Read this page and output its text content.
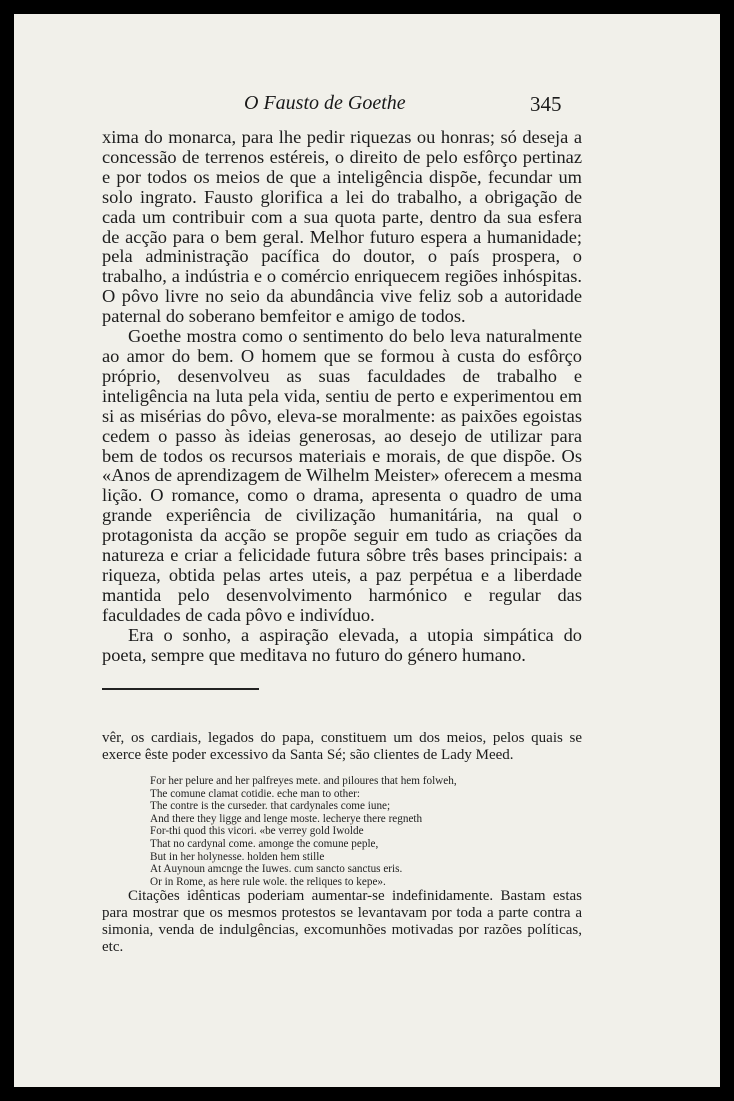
O Fausto de Goethe	345

xima do monarca, para lhe pedir riquezas ou honras; só deseja a concessão de terrenos estéreis, o direito de pelo esfôrço pertinaz e por todos os meios de que a inteligência dispõe, fecundar um solo ingrato. Fausto glorifica a lei do trabalho, a obrigação de cada um contribuir com a sua quota parte, dentro da sua esfera de acção para o bem geral. Melhor futuro espera a humanidade; pela administração pacífica do doutor, o país prospera, o trabalho, a indústria e o comércio enriquecem regiões inhóspitas. O pôvo livre no seio da abundância vive feliz sob a autoridade paternal do soberano bemfeitor e amigo de todos.

Goethe mostra como o sentimento do belo leva naturalmente ao amor do bem. O homem que se formou à custa do esfôrço próprio, desenvolveu as suas faculdades de trabalho e inteligência na luta pela vida, sentiu de perto e experimentou em si as misérias do pôvo, eleva-se moralmente: as paixões egoistas cedem o passo às ideias generosas, ao desejo de utilizar para bem de todos os recursos materiais e morais, de que dispõe. Os «Anos de aprendizagem de Wilhelm Meister» oferecem a mesma lição. O romance, como o drama, apresenta o quadro de uma grande experiência de civilização humanitária, na qual o protagonista da acção se propõe seguir em tudo as criações da natureza e criar a felicidade futura sôbre três bases principais: a riqueza, obtida pelas artes uteis, a paz perpétua e a liberdade mantida pelo desenvolvimento harmónico e regular das faculdades de cada pôvo e indivíduo.

Era o sonho, a aspiração elevada, a utopia simpática do poeta, sempre que meditava no futuro do género humano.

vêr, os cardiais, legados do papa, constituem um dos meios, pelos quais se exerce êste poder excessivo da Santa Sé; são clientes de Lady Meed.

For her pelure and her palfreyes mete. and piloures that hem folweh,
The comune clamat cotidie. eche man to other:
The contre is the curseder. that cardynales come iune;
And there they ligge and lenge moste. lecherye there regneth
For-thi quod this vicori. «be verrey gold Iwolde
That no cardynal come. amonge the comune peple,
But in her holynesse. holden hem stille
At Auynoun amcnge the Iuwes. cum sancto sanctus eris.
Or in Rome, as here rule wole. the reliques to kepe».

Citações idênticas poderiam aumentar-se indefinidamente. Bastam estas para mostrar que os mesmos protestos se levantavam por toda a parte contra a simonia, venda de indulgências, excomunhões motivadas por razões políticas, etc.
